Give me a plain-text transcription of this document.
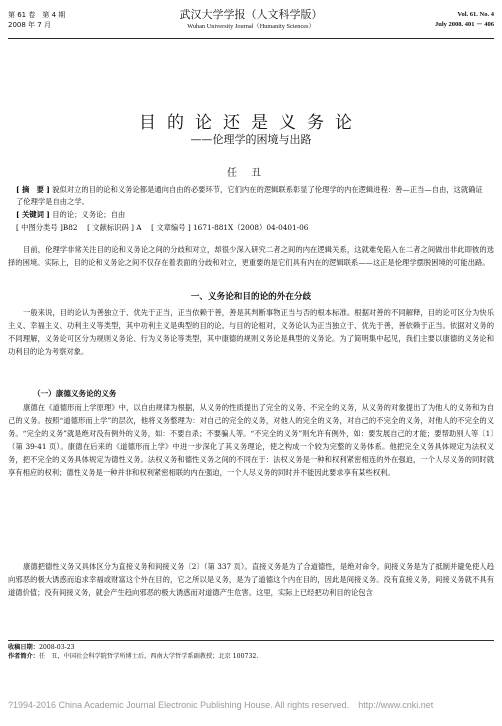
第 61 卷　第 4 期
2008 年 7 月
武汉大学学报（人文科学版）
Wuhan University Journal（Humanity Sciences）
Vol. 61. No. 4
July 2008. 401 － 406
目的论还是义务论
——伦理学的困境与出路
任丑
[ 摘　要 ] 貌似对立的目的论和义务论都是通向自由的必要环节，它们内在的逻辑联系彰显了伦理学的内在逻辑进程：善—正当—自由，这就确证了伦理学是自由之学。
[ 关键词 ] 目的论；义务论；自由
[ 中图分类号 ]B82　 [ 文献标识码 ] A　 [ 文章编号 ] 1671-881X（2008）04-0401-06
目前，伦理学非常关注目的论和义务论之间的分歧和对立，却很少深入研究二者之间的内在逻辑关系，这就难免陷入在二者之间做出非此即彼的选择的困境。实际上，目的论和义务论之间不仅存在着表面的分歧和对立，更重要的是它们具有内在的逻辑联系——这正是伦理学摆脱困境的可能出路。
一、义务论和目的论的外在分歧
一般来说，目的论认为善独立于、优先于正当，正当依赖于善，善是其判断事物正当与否的根本标准。根据对善的不同解释，目的论可区分为快乐主义、幸福主义、功利主义等类型，其中功利主义是典型的目的论。与目的论相对，义务论认为正当独立于、优先于善，善依赖于正当。依据对义务的不同理解，义务论可区分为规则义务论、行为义务论等类型，其中康德的规则义务论是典型的义务论。为了简明集中起见，我们主要以康德的义务论和功利目的论为考察对象。
（一）康德义务论的义务
康德在《道德形而上学原理》中，以自由规律为根据，从义务的性质提出了完全的义务、不完全的义务，从义务的对象提出了为他人的义务和为自己的义务。按照“道德形而上学”的层次，他将义务整理为：对自己的完全的义务，对他人的完全的义务，对自己的不完全的义务，对他人的不完全的义务。“完全的义务”就是绝对没有例外的义务，如：不要自杀；不要骗人等。“不完全的义务”则允许有例外，如：要发展自己的才能；要帮助别人等〔1〕（第 39-41 页）。康德在后来的《道德形而上学》中进一步深化了其义务理论，使之构成一个较为完整的义务体系。他把完全义务具体规定为法权义务，把不完全的义务具体规定为德性义务。法权义务和德性义务之间的不同在于：法权义务是一种和权利紧密相连的外在强迫，一个人尽义务的同时就享有相应的权利；德性义务是一种并非和权利紧密相联的内在强迫，一个人尽义务的同时并不能因此要求享有某些权利。
康德把德性义务又具体区分为直接义务和间接义务〔2〕（第 337 页）。直接义务是为了合道德性，是绝对命令。间接义务是为了抵制并避免使人趋向邪恶的极大诱惑而追求幸福或财富这个外在目的，它之所以是义务，是为了道德这个内在目的，因此是间接义务。没有直接义务，间接义务就不具有道德价值；没有间接义务，就会产生趋向邪恶的极大诱惑而对道德产生危害。这里，实际上已经把功利目的论包含
收稿日期：2008-03-23
作者简介：任　丑，中国社会科学院哲学所博士后，西南大学哲学系副教授；北京 100732.
?1994-2016 China Academic Journal Electronic Publishing House. All rights reserved.　http://www.cnki.net
